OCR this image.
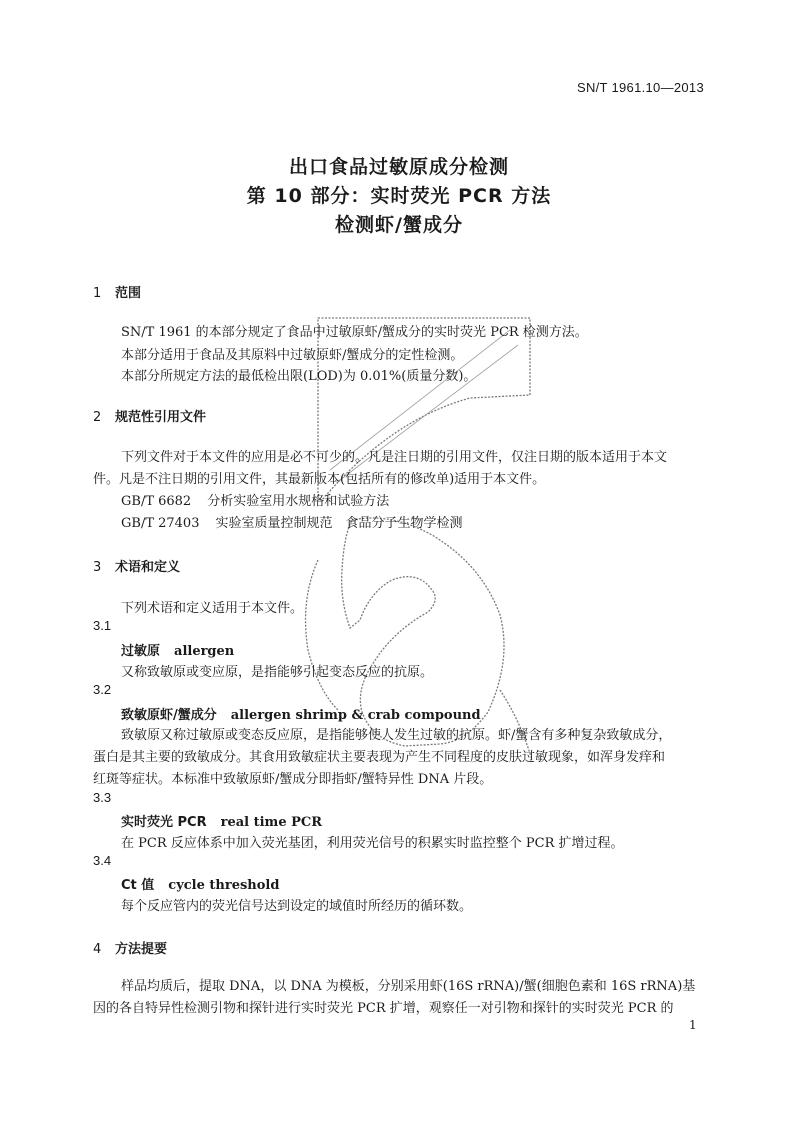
SN/T 1961.10—2013
出口食品过敏原成分检测
第 10 部分：实时荧光 PCR 方法
检测虾/蟹成分
1 范围
SN/T 1961 的本部分规定了食品中过敏原虾/蟹成分的实时荧光 PCR 检测方法。
本部分适用于食品及其原料中过敏原虾/蟹成分的定性检测。
本部分所规定方法的最低检出限(LOD)为 0.01%(质量分数)。
2 规范性引用文件
下列文件对于本文件的应用是必不可少的。凡是注日期的引用文件，仅注日期的版本适用于本文
件。凡是不注日期的引用文件，其最新版本(包括所有的修改单)适用于本文件。
GB/T 6682 分析实验室用水规格和试验方法
GB/T 27403 实验室质量控制规范　食品分子生物学检测
3 术语和定义
下列术语和定义适用于本文件。
3.1
过敏原 allergen
又称致敏原或变应原，是指能够引起变态反应的抗原。
3.2
致敏原虾/蟹成分 allergen shrimp & crab compound
致敏原又称过敏原或变态反应原，是指能够使人发生过敏的抗原。虾/蟹含有多种复杂致敏成分，
蛋白是其主要的致敏成分。其食用致敏症状主要表现为产生不同程度的皮肤过敏现象，如浑身发痒和
红斑等症状。本标准中致敏原虾/蟹成分即指虾/蟹特异性 DNA 片段。
3.3
实时荧光 PCR real time PCR
在 PCR 反应体系中加入荧光基团，利用荧光信号的积累实时监控整个 PCR 扩增过程。
3.4
Ct 值 cycle threshold
每个反应管内的荧光信号达到设定的域值时所经历的循环数。
4 方法提要
样品均质后，提取 DNA，以 DNA 为模板，分别采用虾(16S rRNA)/蟹(细胞色素和 16S rRNA)基
因的各自特异性检测引物和探针进行实时荧光 PCR 扩增，观察任一对引物和探针的实时荧光 PCR 的
1
